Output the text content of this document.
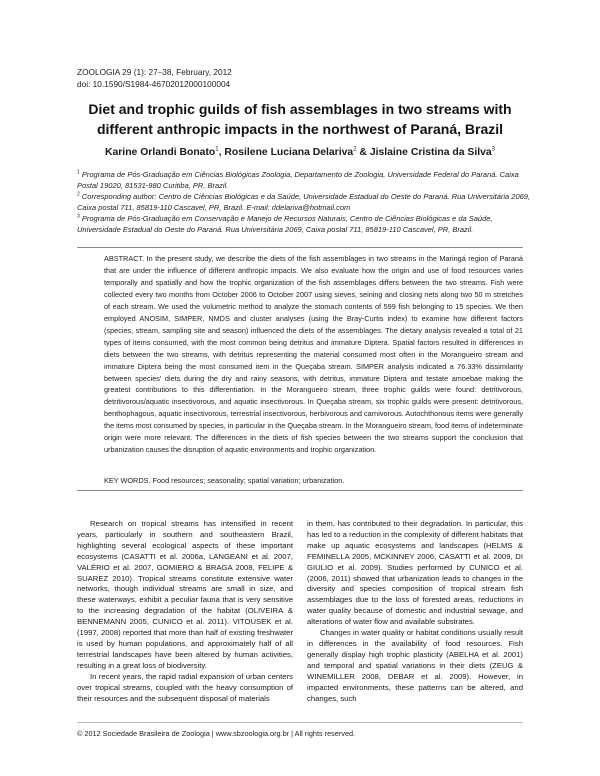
ZOOLOGIA 29 (1): 27–38, February, 2012
doi: 10.1590/S1984-46702012000100004
Diet and trophic guilds of fish assemblages in two streams with different anthropic impacts in the northwest of Paraná, Brazil
Karine Orlandi Bonato$^1$, Rosilene Luciana Delariva$^2$ & Jislaine Cristina da Silva$^3$
$^1$ Programa de Pós-Graduação em Ciências Biológicas Zoologia, Departamento de Zoologia, Universidade Federal do Paraná. Caixa Postal 19020, 81531-980 Curitiba, PR, Brazil.
$^2$ Corresponding author: Centro de Ciências Biológicas e da Saúde, Universidade Estadual do Oeste do Paraná. Rua Universitária 2069, Caixa postal 711, 85819-110 Cascavel, PR, Brazil. E-mail: rldelariva@hotmail.com
$^3$ Programa de Pós-Graduação em Conservação e Manejo de Recursos Naturais, Centro de Ciências Biológicas e da Saúde, Universidade Estadual do Oeste do Paraná. Rua Universitária 2069, Caixa postal 711, 85819-110 Cascavel, PR, Brazil.
ABSTRACT. In the present study, we describe the diets of the fish assemblages in two streams in the Maringá region of Paraná that are under the influence of different anthropic impacts. We also evaluate how the origin and use of food resources varies temporally and spatially and how the trophic organization of the fish assemblages differs between the two streams. Fish were collected every two months from October 2006 to October 2007 using sieves, seining and closing nets along two 50 m stretches of each stream. We used the volumetric method to analyze the stomach contents of 599 fish belonging to 15 species. We then employed ANOSIM, SIMPER, NMDS and cluster analyses (using the Bray-Curtis index) to examine how different factors (species, stream, sampling site and season) influenced the diets of the assemblages. The dietary analysis revealed a total of 21 types of items consumed, with the most common being detritus and immature Diptera. Spatial factors resulted in differences in diets between the two streams, with detritus representing the material consumed most often in the Morangueiro stream and immature Diptera being the most consumed item in the Queçaba stream. SIMPER analysis indicated a 76.33% dissimilarity between species' diets during the dry and rainy seasons, with detritus, immature Diptera and testate amoebae making the greatest contributions to this differentiation. In the Morangueiro stream, three trophic guilds were found: detritivorous, detritivorous/aquatic insectivorous, and aquatic insectivorous. In Queçaba stream, six trophic guilds were present: detritivorous, benthophagous, aquatic insectivorous, terrestrial insectivorous, herbivorous and carnivorous. Autochthonous items were generally the items most consumed by species, in particular in the Queçaba stream. In the Morangueiro stream, food items of indeterminate origin were more relevant. The differences in the diets of fish species between the two streams support the conclusion that urbanization causes the disruption of aquatic environments and trophic organization.
KEY WORDS. Food resources; seasonality; spatial variation; urbanization.

Research on tropical streams has intensified in recent years, particularly in southern and southeastern Brazil, highlighting several ecological aspects of these important ecosystems (CASATTI et al. 2006a, LANGEANI et al. 2007, VALÉRIO et al. 2007, GOMIERO & BRAGA 2008, FELIPE & SUAREZ 2010). Tropical streams constitute extensive water networks, though individual streams are small in size, and these waterways, exhibit a peculiar fauna that is very sensitive to the increasing degradation of the habitat (OLIVEIRA & BENNEMANN 2005, CUNICO et al. 2011). VITOUSEK et al. (1997, 2008) reported that more than half of existing freshwater is used by human populations, and approximately half of all terrestrial landscapes have been altered by human activities, resulting in a great loss of biodiversity.

In recent years, the rapid radial expansion of urban centers over tropical streams, coupled with the heavy consumption of their resources and the subsequent disposal of materials

in them, has contributed to their degradation. In particular, this has led to a reduction in the complexity of different habitats that make up aquatic ecosystems and landscapes (HELMS & FEMINELLA 2005, MCKINNEY 2006, CASATTI et al. 2009, DI GIULIO et al. 2009). Studies performed by CUNICO et al. (2006, 2011) showed that urbanization leads to changes in the diversity and species composition of tropical stream fish assemblages due to the loss of forested areas, reductions in water quality because of domestic and industrial sewage, and alterations of water flow and available substrates.

Changes in water quality or habitat conditions usually result in differences in the availability of food resources. Fish generally display high trophic plasticity (ABELHA et al. 2001) and temporal and spatial variations in their diets (ZEUG & WINEMILLER 2008, DEBAR et al. 2009). However, in impacted environments, these patterns can be altered, and changes, such

© 2012 Sociedade Brasileira de Zoologia | www.sbzoologia.org.br | All rights reserved.
